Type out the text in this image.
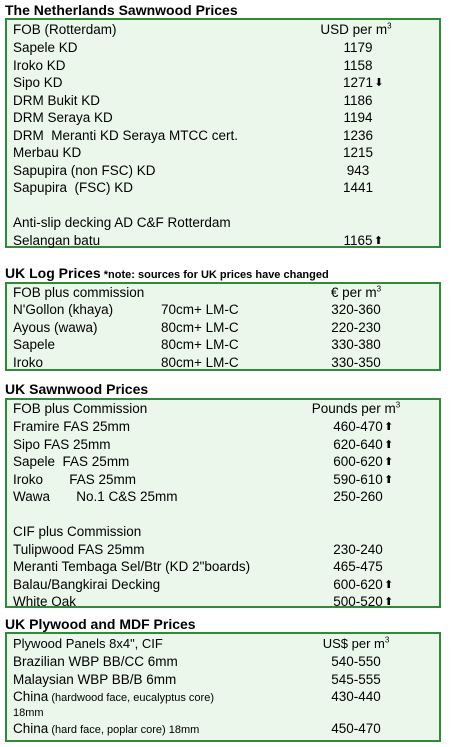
The Netherlands Sawnwood Prices
FOB (Rotterdam)	USD per $m^3$
Sapele KD	1179
Iroko KD	1158
Sipo KD	1271⬇
DRM Bukit KD	1186
DRM Seraya KD	1194
DRM  Meranti KD Seraya MTCC cert.	1236
Merbau KD	1215
Sapupira (non FSC) KD	943
Sapupira  (FSC) KD	1441
Anti-slip decking AD C&F Rotterdam
Selangan batu	1165⬆
UK Log Prices *note: sources for UK prices have changed
FOB plus commission	€ per $m^3$
N'Gollon (khaya)	70cm+ LM-C	320-360
Ayous (wawa)	80cm+ LM-C	220-230
Sapele	80cm+ LM-C	330-380
Iroko	80cm+ LM-C	330-350
UK Sawnwood Prices
FOB plus Commission	Pounds per $m^3$
Framire FAS 25mm	460-470⬆
Sipo FAS 25mm	620-640⬆
Sapele  FAS 25mm	600-620⬆
Iroko       FAS 25mm	590-610⬆
Wawa       No.1 C&S 25mm	250-260
CIF plus Commission
Tulipwood FAS 25mm	230-240
Meranti Tembaga Sel/Btr (KD 2"boards)	465-475
Balau/Bangkirai Decking	600-620⬆
White Oak	500-520⬆
UK Plywood and MDF Prices
Plywood Panels 8x4", CIF	US$ per $m^3$
Brazilian WBP BB/CC 6mm	540-550
Malaysian WBP BB/B 6mm	545-555
China (hardwood face, eucalyptus core)	430-440
18mm
China (hard face, poplar core) 18mm	450-470
